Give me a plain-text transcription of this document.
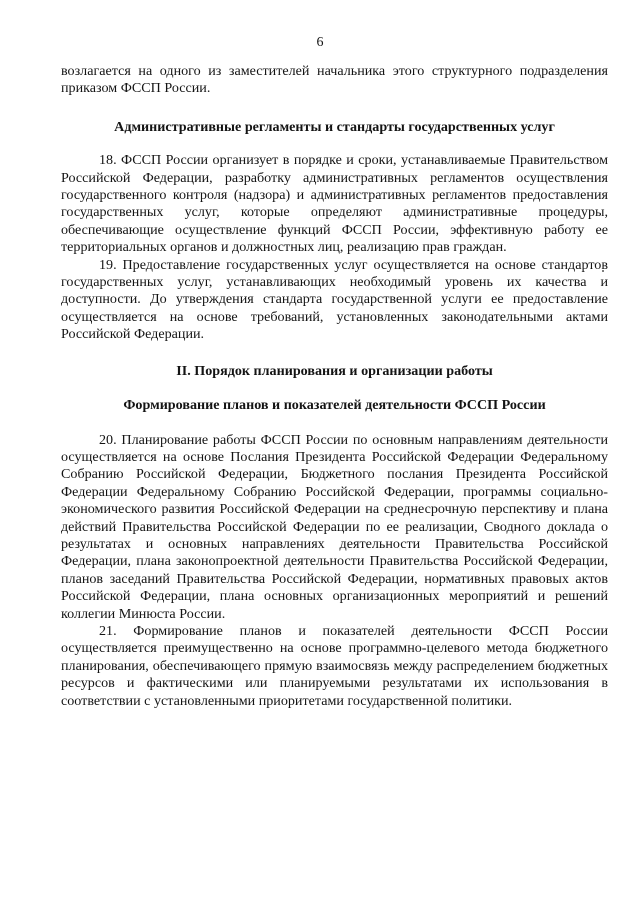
6

возлагается на одного из заместителей начальника этого структурного подразделения приказом ФССП России.

Административные регламенты и стандарты государственных услуг

18. ФССП России организует в порядке и сроки, устанавливаемые Правительством Российской Федерации, разработку административных регламентов осуществления государственного контроля (надзора) и административных регламентов предоставления государственных услуг, которые определяют административные процедуры, обеспечивающие осуществление функций ФССП России, эффективную работу ее территориальных органов и должностных лиц, реализацию прав граждан.

19. Предоставление государственных услуг осуществляется на основе стандартов государственных услуг, устанавливающих необходимый уровень их качества и доступности. До утверждения стандарта государственной услуги ее предоставление осуществляется на основе требований, установленных законодательными актами Российской Федерации.

II. Порядок планирования и организации работы
Формирование планов и показателей деятельности ФССП России

20. Планирование работы ФССП России по основным направлениям деятельности осуществляется на основе Послания Президента Российской Федерации Федеральному Собранию Российской Федерации, Бюджетного послания Президента Российской Федерации Федеральному Собранию Российской Федерации, программы социально-экономического развития Российской Федерации на среднесрочную перспективу и плана действий Правительства Российской Федерации по ее реализации, Сводного доклада о результатах и основных направлениях деятельности Правительства Российской Федерации, плана законопроектной деятельности Правительства Российской Федерации, планов заседаний Правительства Российской Федерации, нормативных правовых актов Российской Федерации, плана основных организационных мероприятий и решений коллегии Минюста России.

21. Формирование планов и показателей деятельности ФССП России осуществляется преимущественно на основе программно-целевого метода бюджетного планирования, обеспечивающего прямую взаимосвязь между распределением бюджетных ресурсов и фактическими или планируемыми результатами их использования в соответствии с установленными приоритетами государственной политики.
